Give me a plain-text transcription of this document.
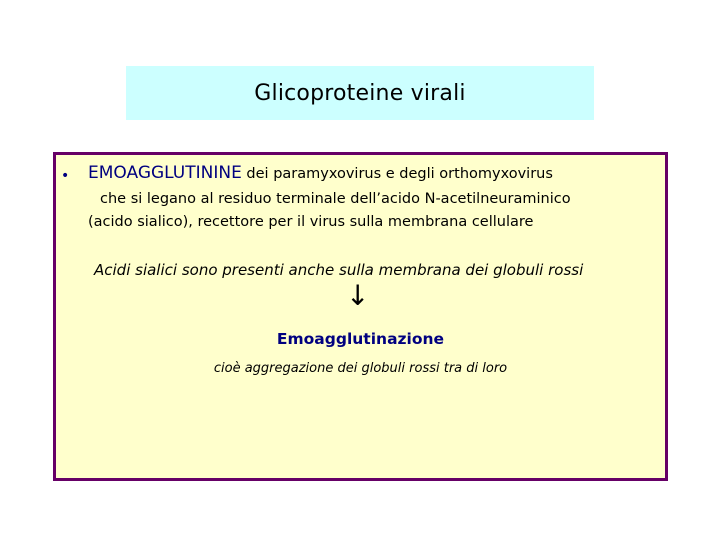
Glicoproteine virali
• EMOAGGLUTININE dei paramyxovirus e degli orthomyxovirus
che si legano al residuo terminale dell’acido N-acetilneuraminico
(acido sialico), recettore per il virus sulla membrana cellulare
Acidi sialici sono presenti anche sulla membrana dei globuli rossi
↓
Emoagglutinazione
cioè aggregazione dei globuli rossi tra di loro
